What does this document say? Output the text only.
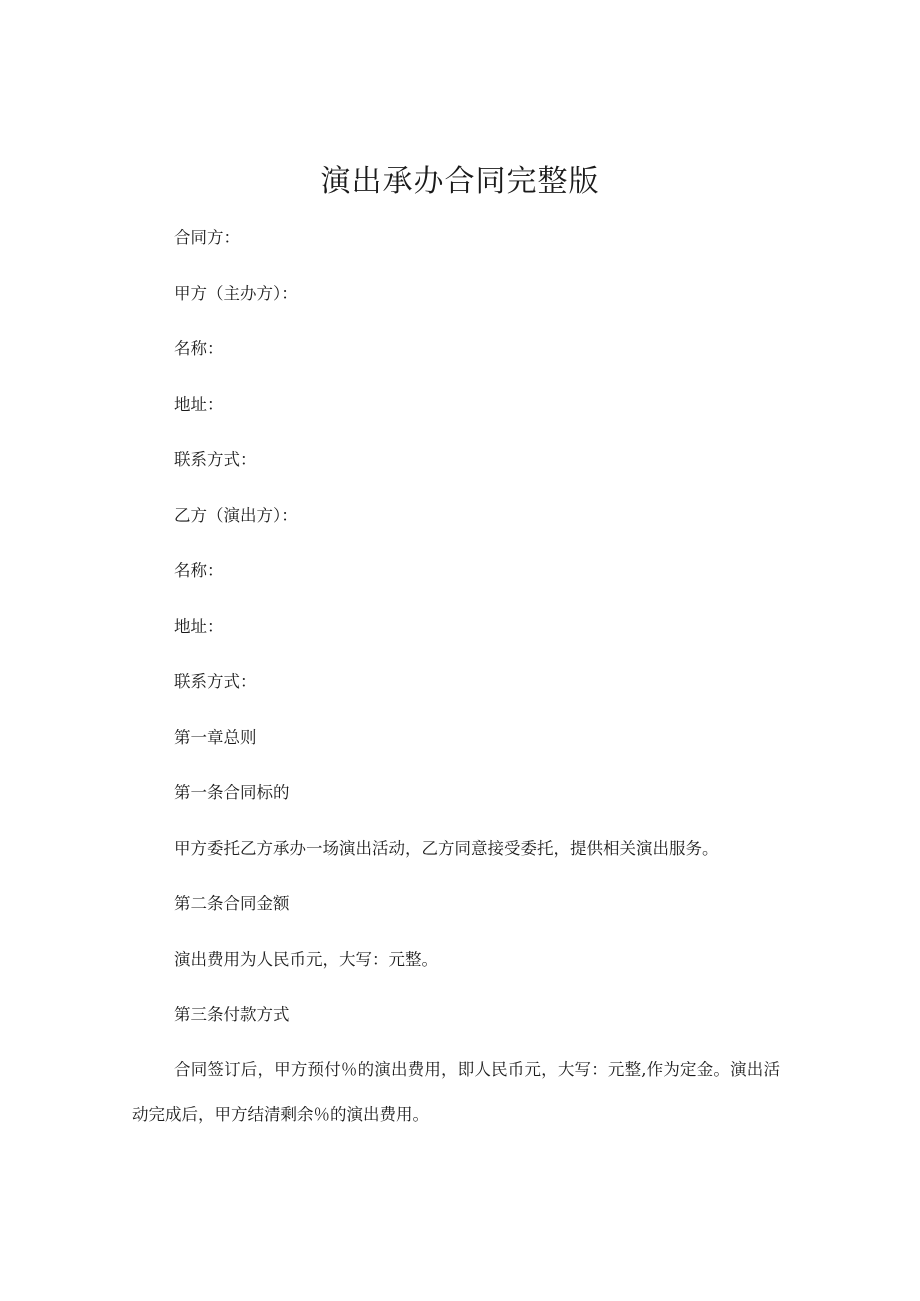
演出承办合同完整版

合同方：

甲方（主办方）：

名称：

地址：

联系方式：

乙方（演出方）：

名称：

地址：

联系方式：

第一章总则

第一条合同标的

甲方委托乙方承办一场演出活动，乙方同意接受委托，提供相关演出服务。

第二条合同金额

演出费用为人民币元，大写：元整。

第三条付款方式

合同签订后，甲方预付％的演出费用，即人民币元，大写：元整,作为定金。演出活动完成后，甲方结清剩余％的演出费用。
